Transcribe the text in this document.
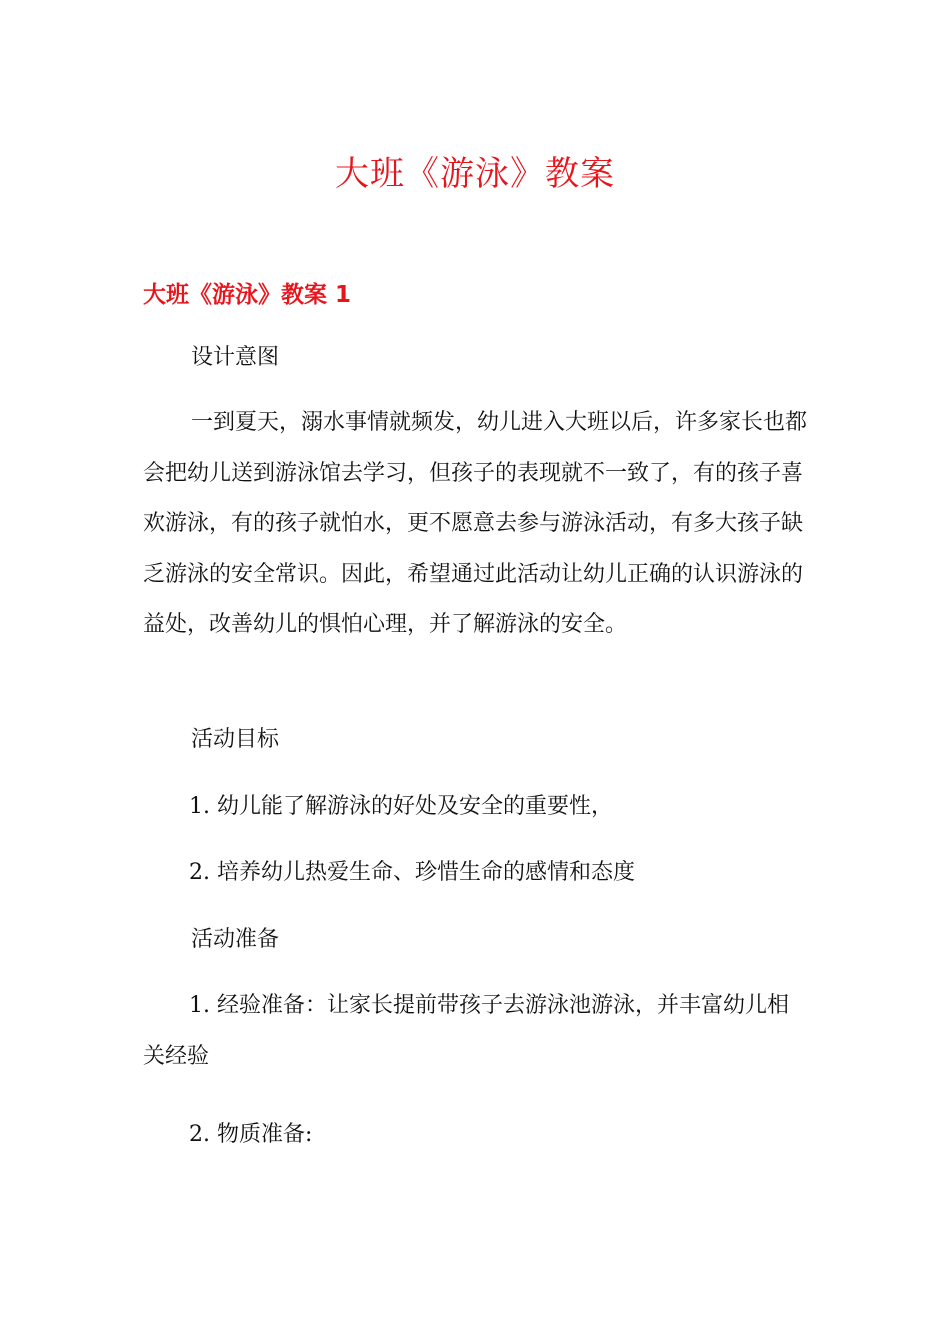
大班《游泳》教案
大班《游泳》教案 1

设计意图

一到夏天，溺水事情就频发，幼儿进入大班以后，许多家长也都会把幼儿送到游泳馆去学习，但孩子的表现就不一致了，有的孩子喜欢游泳，有的孩子就怕水，更不愿意去参与游泳活动，有多大孩子缺乏游泳的安全常识。因此，希望通过此活动让幼儿正确的认识游泳的益处，改善幼儿的惧怕心理，并了解游泳的安全。

活动目标

1. 幼儿能了解游泳的好处及安全的重要性，

2. 培养幼儿热爱生命、珍惜生命的感情和态度

活动准备

1. 经验准备：让家长提前带孩子去游泳池游泳，并丰富幼儿相关经验

2. 物质准备:
